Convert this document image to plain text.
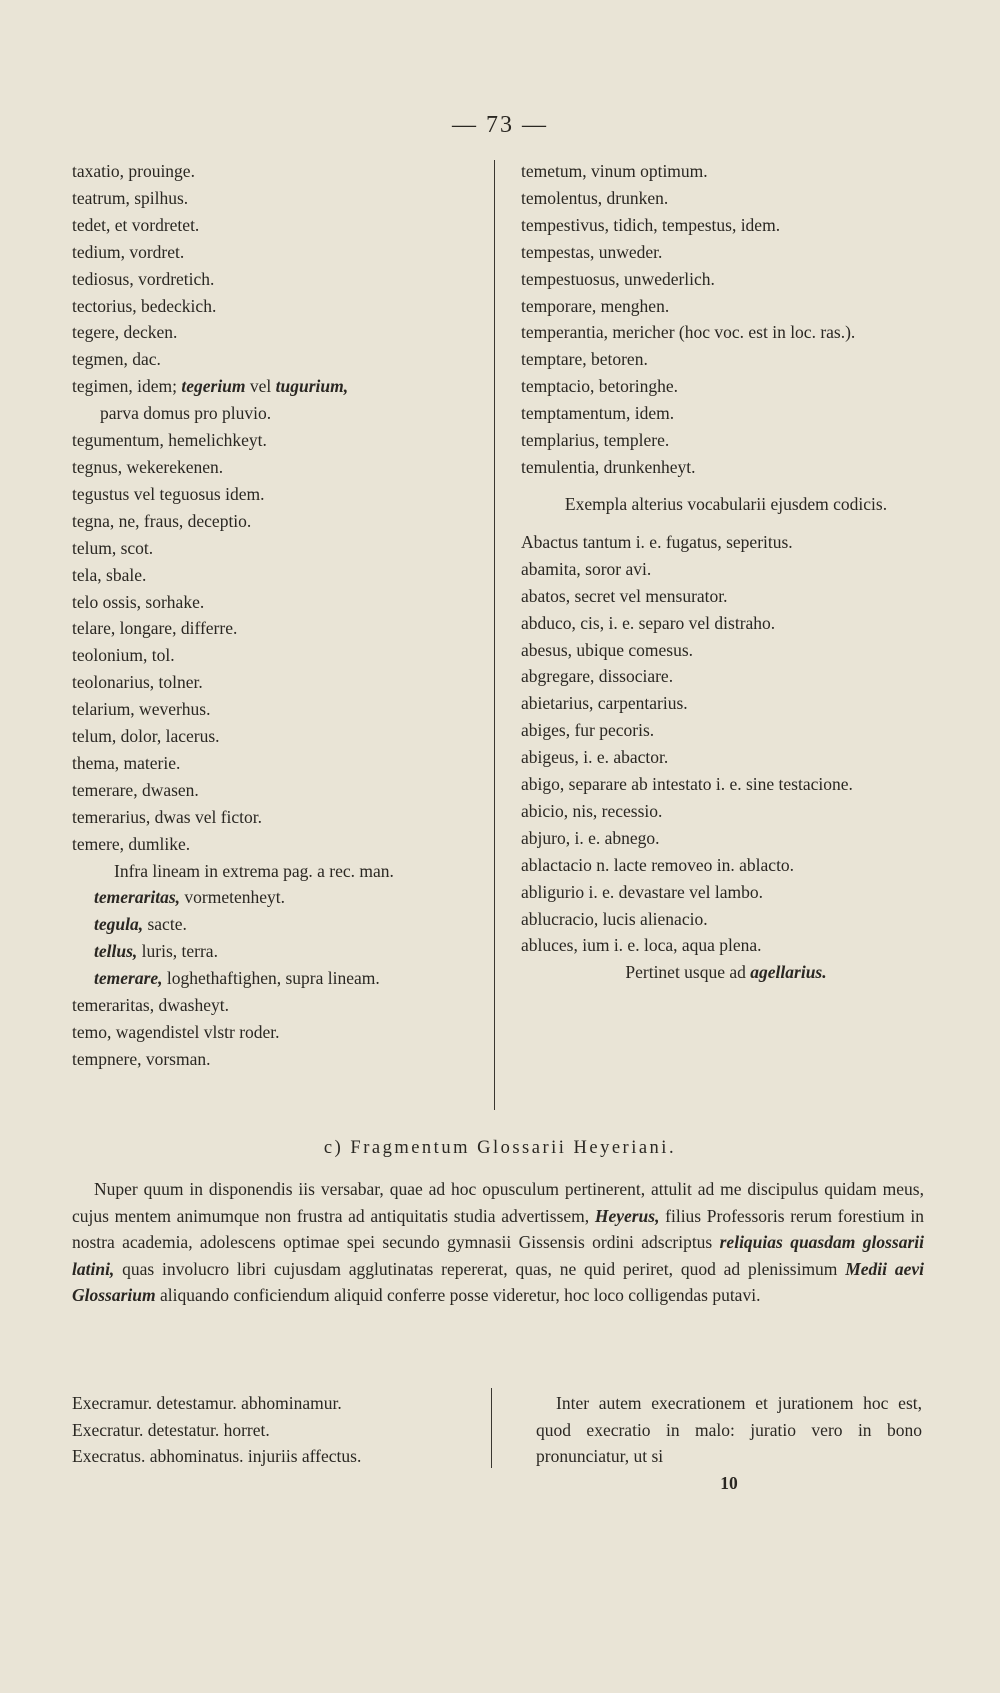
— 73 —
taxatio, prouinge.
teatrum, spilhus.
tedet, et vordretet.
tedium, vordret.
tediosus, vordretich.
tectorius, bedeckich.
tegere, decken.
tegmen, dac.
tegimen, idem; tegerium vel tugurium,
parva domus pro pluvio.
tegumentum, hemelichkeyt.
tegnus, wekerekenen.
tegustus vel teguosus idem.
tegna, ne, fraus, deceptio.
telum, scot.
tela, sbale.
telo ossis, sorhake.
telare, longare, differre.
teolonium, tol.
teolonarius, tolner.
telarium, weverhus.
telum, dolor, lacerus.
thema, materie.
temerare, dwasen.
temerarius, dwas vel fictor.
temere, dumlike.
Infra lineam in extrema pag. a rec. man.
temeraritas, vormetenheyt.
tegula, sacte.
tellus, luris, terra.
temerare, loghethaftighen, supra lineam.
temeraritas, dwasheyt.
temo, wagendistel vlstr roder.
tempnere, vorsman.
temetum, vinum optimum.
temolentus, drunken.
tempestivus, tidich, tempestus, idem.
tempestas, unweder.
tempestuosus, unwederlich.
temporare, menghen.
temperantia, mericher (hoc voc. est in loc. ras.).
temptare, betoren.
temptacio, betoringhe.
temptamentum, idem.
templarius, templere.
temulentia, drunkenheyt.
Exempla alterius vocabularii ejusdem codicis.
Abactus tantum i. e. fugatus, seperitus.
abamita, soror avi.
abatos, secret vel mensurator.
abduco, cis, i. e. separo vel distraho.
abesus, ubique comesus.
abgregare, dissociare.
abietarius, carpentarius.
abiges, fur pecoris.
abigeus, i. e. abactor.
abigo, separare ab intestato i. e. sine testacione.
abicio, nis, recessio.
abjuro, i. e. abnego.
ablactacio n. lacte removeo in. ablacto.
abligurio i. e. devastare vel lambo.
ablucracio, lucis alienacio.
abluces, ium i. e. loca, aqua plena.
Pertinet usque ad agellarius.
c) Fragmentum Glossarii Heyeriani.
Nuper quum in disponendis iis versabar, quae ad hoc opusculum pertinerent, attulit ad me discipulus quidam meus, cujus mentem animumque non frustra ad antiquitatis studia advertissem, Heyerus, filius Professoris rerum forestium in nostra academia, adolescens optimae spei secundo gymnasii Gissensis ordini adscriptus reliquias quasdam glossarii latini, quas involucro libri cujusdam agglutinatas repererat, quas, ne quid periret, quod ad plenissimum Medii aevi Glossarium aliquando conficiendum aliquid conferre posse videretur, hoc loco colligendas putavi.
Execramur. detestamur. abhominamur.
Execratur. detestatur. horret.
Execratus. abhominatus. injuriis affectus.
Inter autem execrationem et jurationem hoc est, quod execratio in malo: juratio vero in bono pronunciatur, ut si
10
